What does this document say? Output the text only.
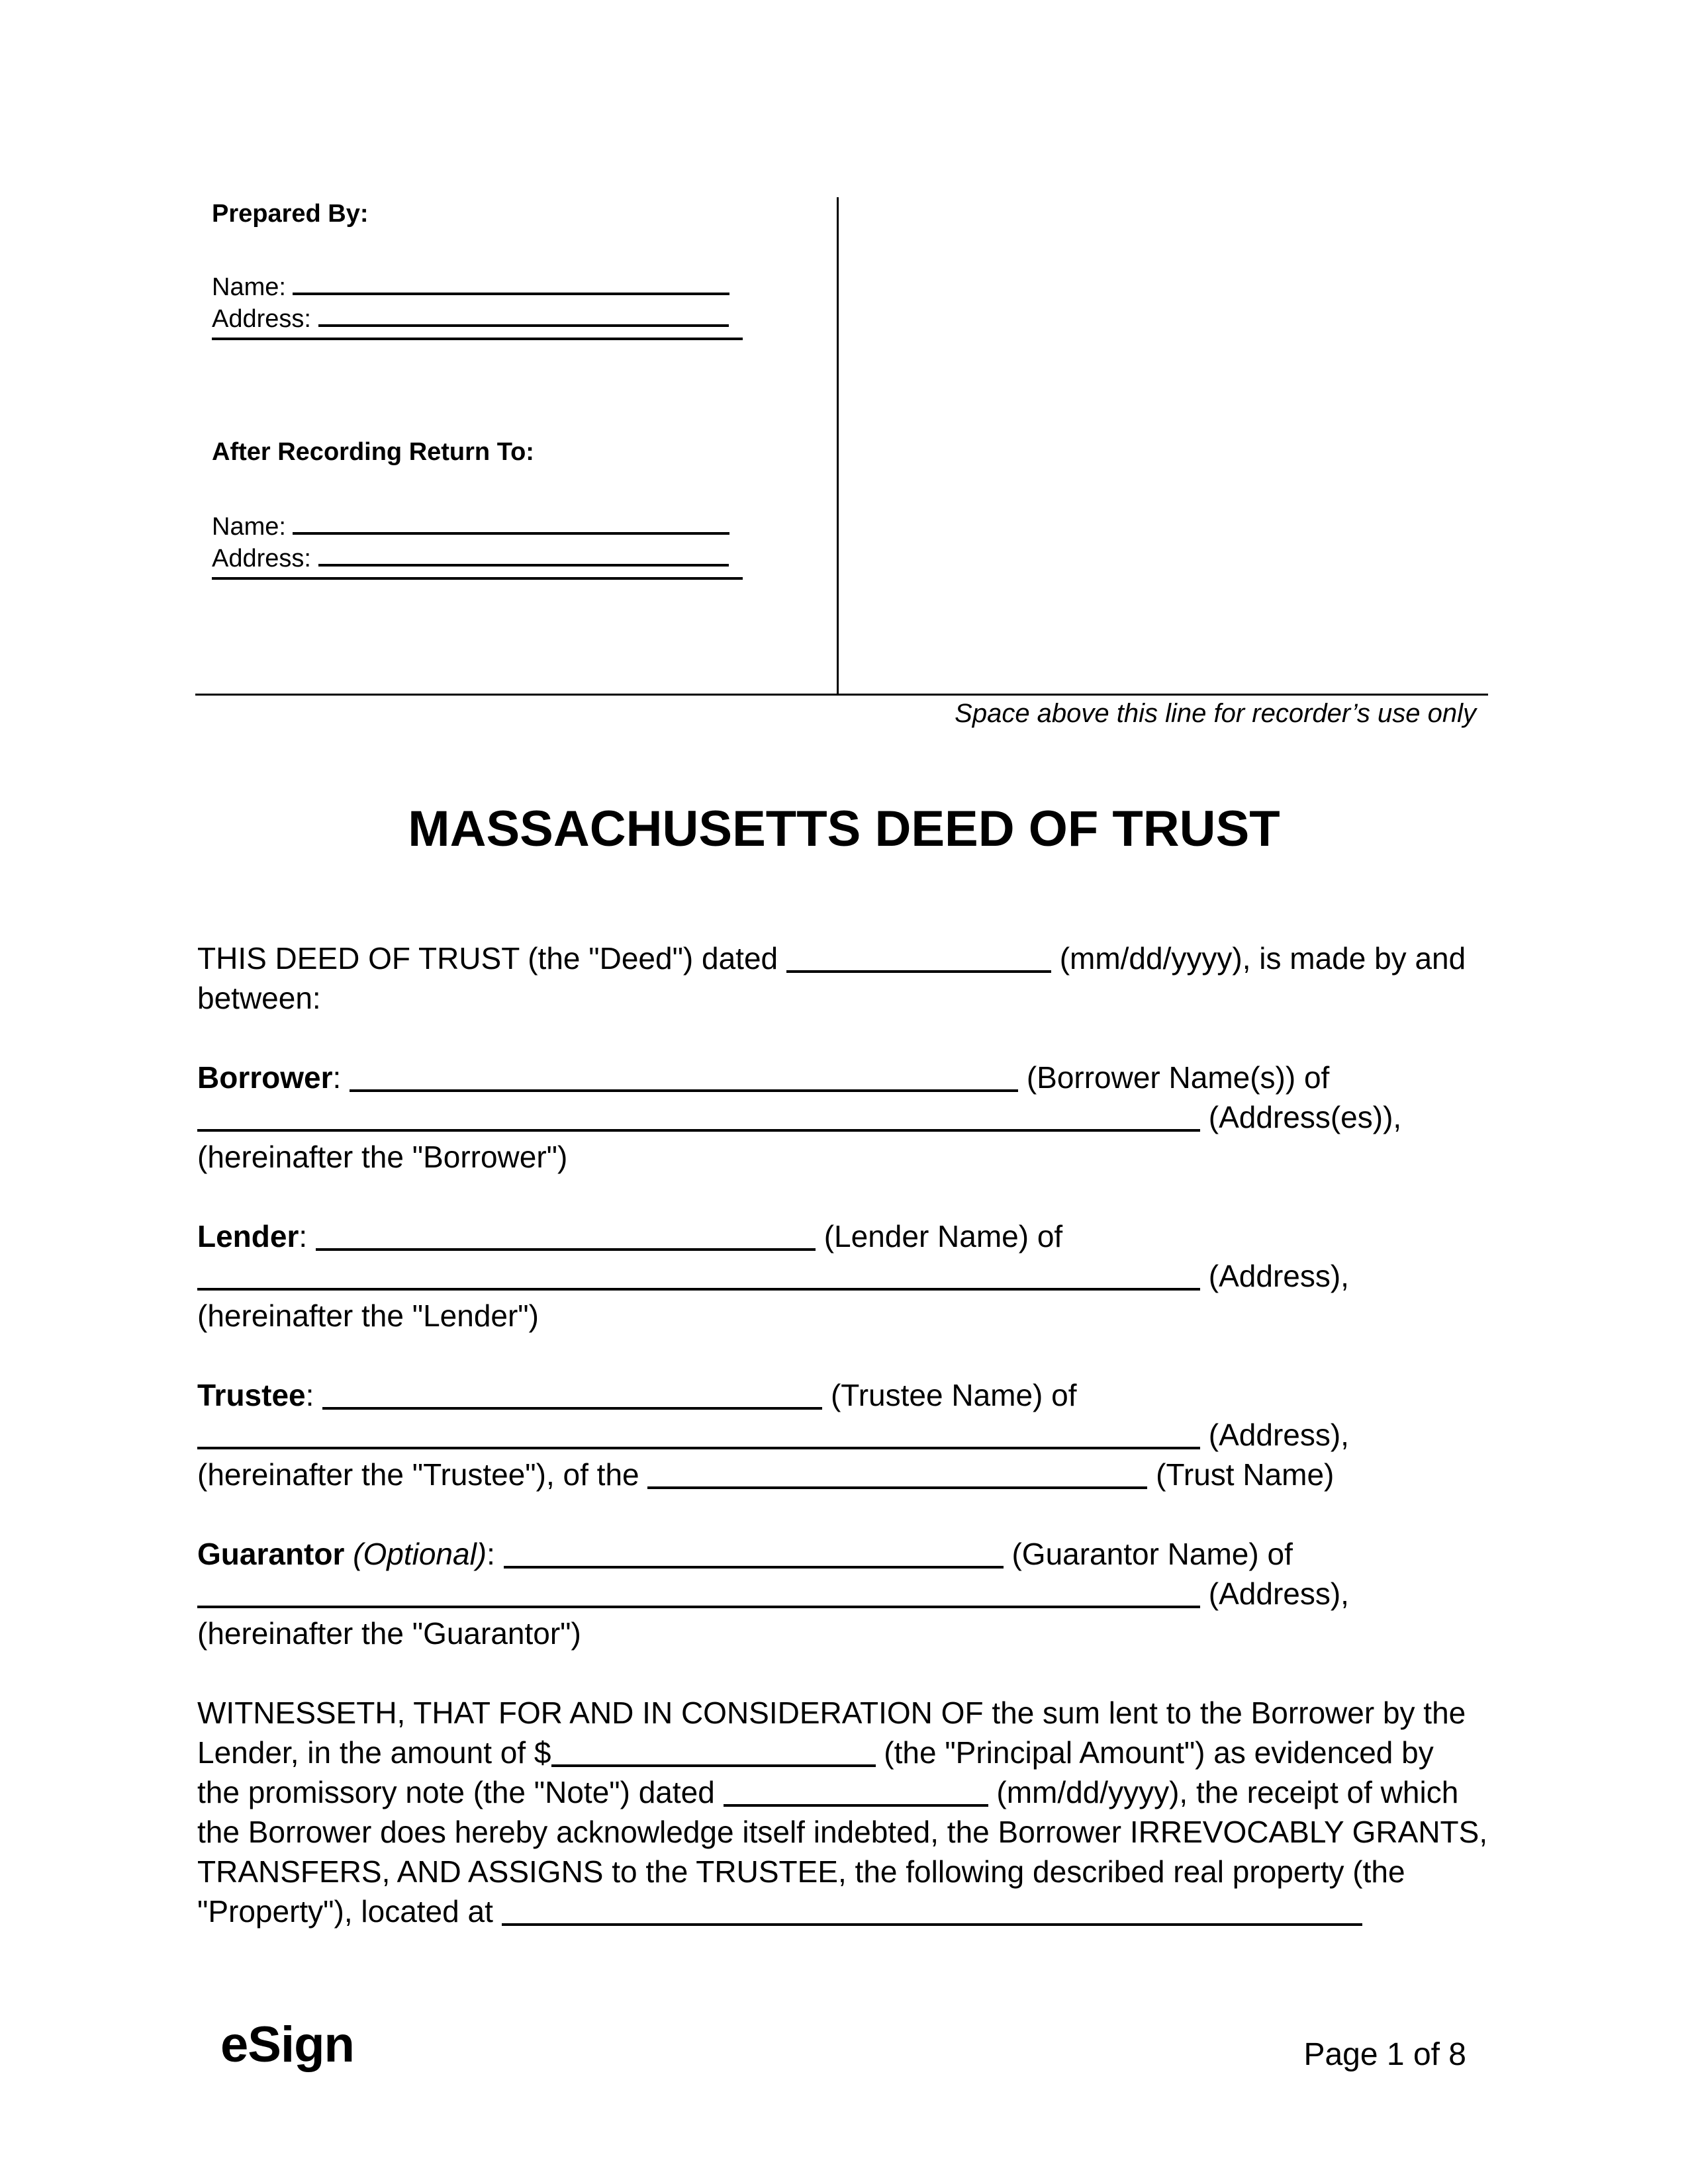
Prepared By:
Name:
Address:
After Recording Return To:
Name:
Address:
Space above this line for recorder’s use only
MASSACHUSETTS DEED OF TRUST

THIS DEED OF TRUST (the "Deed") dated	(mm/dd/yyyy), is made by and

between:

Borrower:	(Borrower Name(s)) of

(Address(es)),

(hereinafter the "Borrower")

Lender:	(Lender Name) of

(Address),

(hereinafter the "Lender")

Trustee:	(Trustee Name) of

(Address),

(hereinafter the "Trustee"), of the	(Trust Name)

Guarantor (Optional):	(Guarantor Name) of

(Address),

(hereinafter the "Guarantor")

WITNESSETH, THAT FOR AND IN CONSIDERATION OF the sum lent to the Borrower by the

Lender, in the amount of $	(the "Principal Amount") as evidenced by

the promissory note (the "Note") dated	(mm/dd/yyyy), the receipt of which

the Borrower does hereby acknowledge itself indebted, the Borrower IRREVOCABLY GRANTS,

TRANSFERS, AND ASSIGNS to the TRUSTEE, the following described real property (the

"Property"), located at

eSign	Page 1 of 8
